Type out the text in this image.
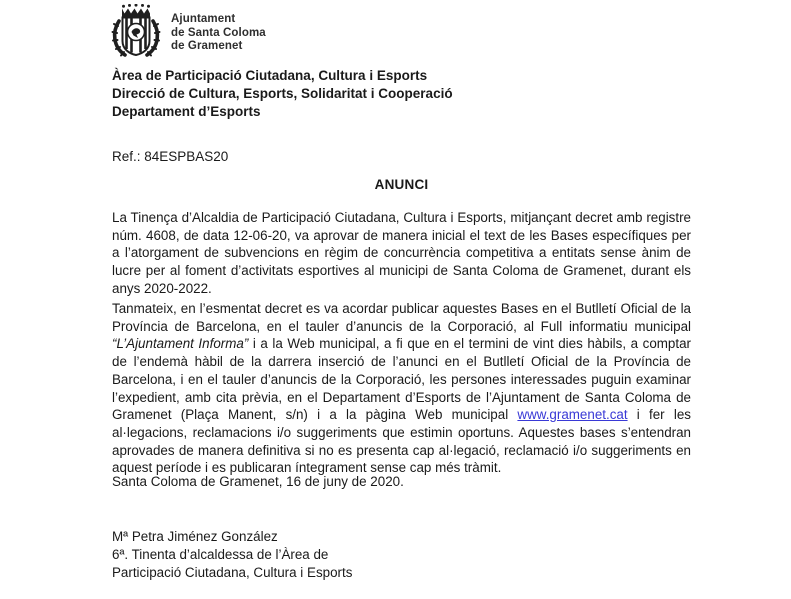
Ajuntament
de Santa Coloma
de Gramenet
Àrea de Participació Ciutadana, Cultura i Esports
Direcció de Cultura, Esports, Solidaritat i Cooperació
Departament d’Esports
Ref.: 84ESPBAS20
ANUNCI
La Tinença d’Alcaldia de Participació Ciutadana, Cultura i Esports, mitjançant decret amb registre núm. 4608, de data 12-06-20, va aprovar de manera inicial el text de les Bases específiques per a l’atorgament de subvencions en règim de concurrència competitiva a entitats sense ànim de lucre per al foment d’activitats esportives al municipi de Santa Coloma de Gramenet, durant els anys 2020-2022.
Tanmateix, en l’esmentat decret es va acordar publicar aquestes Bases en el Butlletí Oficial de la Província de Barcelona, en el tauler d’anuncis de la Corporació, al Full informatiu municipal “L’Ajuntament Informa” i a la Web municipal, a fi que en el termini de vint dies hàbils, a comptar de l’endemà hàbil de la darrera inserció de l’anunci en el Butlletí Oficial de la Província de Barcelona, i en el tauler d’anuncis de la Corporació, les persones interessades puguin examinar l’expedient, amb cita prèvia, en el Departament d’Esports de l’Ajuntament de Santa Coloma de Gramenet (Plaça Manent, s/n) i a la pàgina Web municipal www.gramenet.cat i fer les al·legacions, reclamacions i/o suggeriments que estimin oportuns. Aquestes bases s’entendran aprovades de manera definitiva si no es presenta cap al·legació, reclamació i/o suggeriments en aquest període i es publicaran íntegrament sense cap més tràmit.
Santa Coloma de Gramenet, 16 de juny de 2020.
Mª Petra Jiménez González
6ª. Tinenta d’alcaldessa de l’Àrea de
Participació Ciutadana, Cultura i Esports
